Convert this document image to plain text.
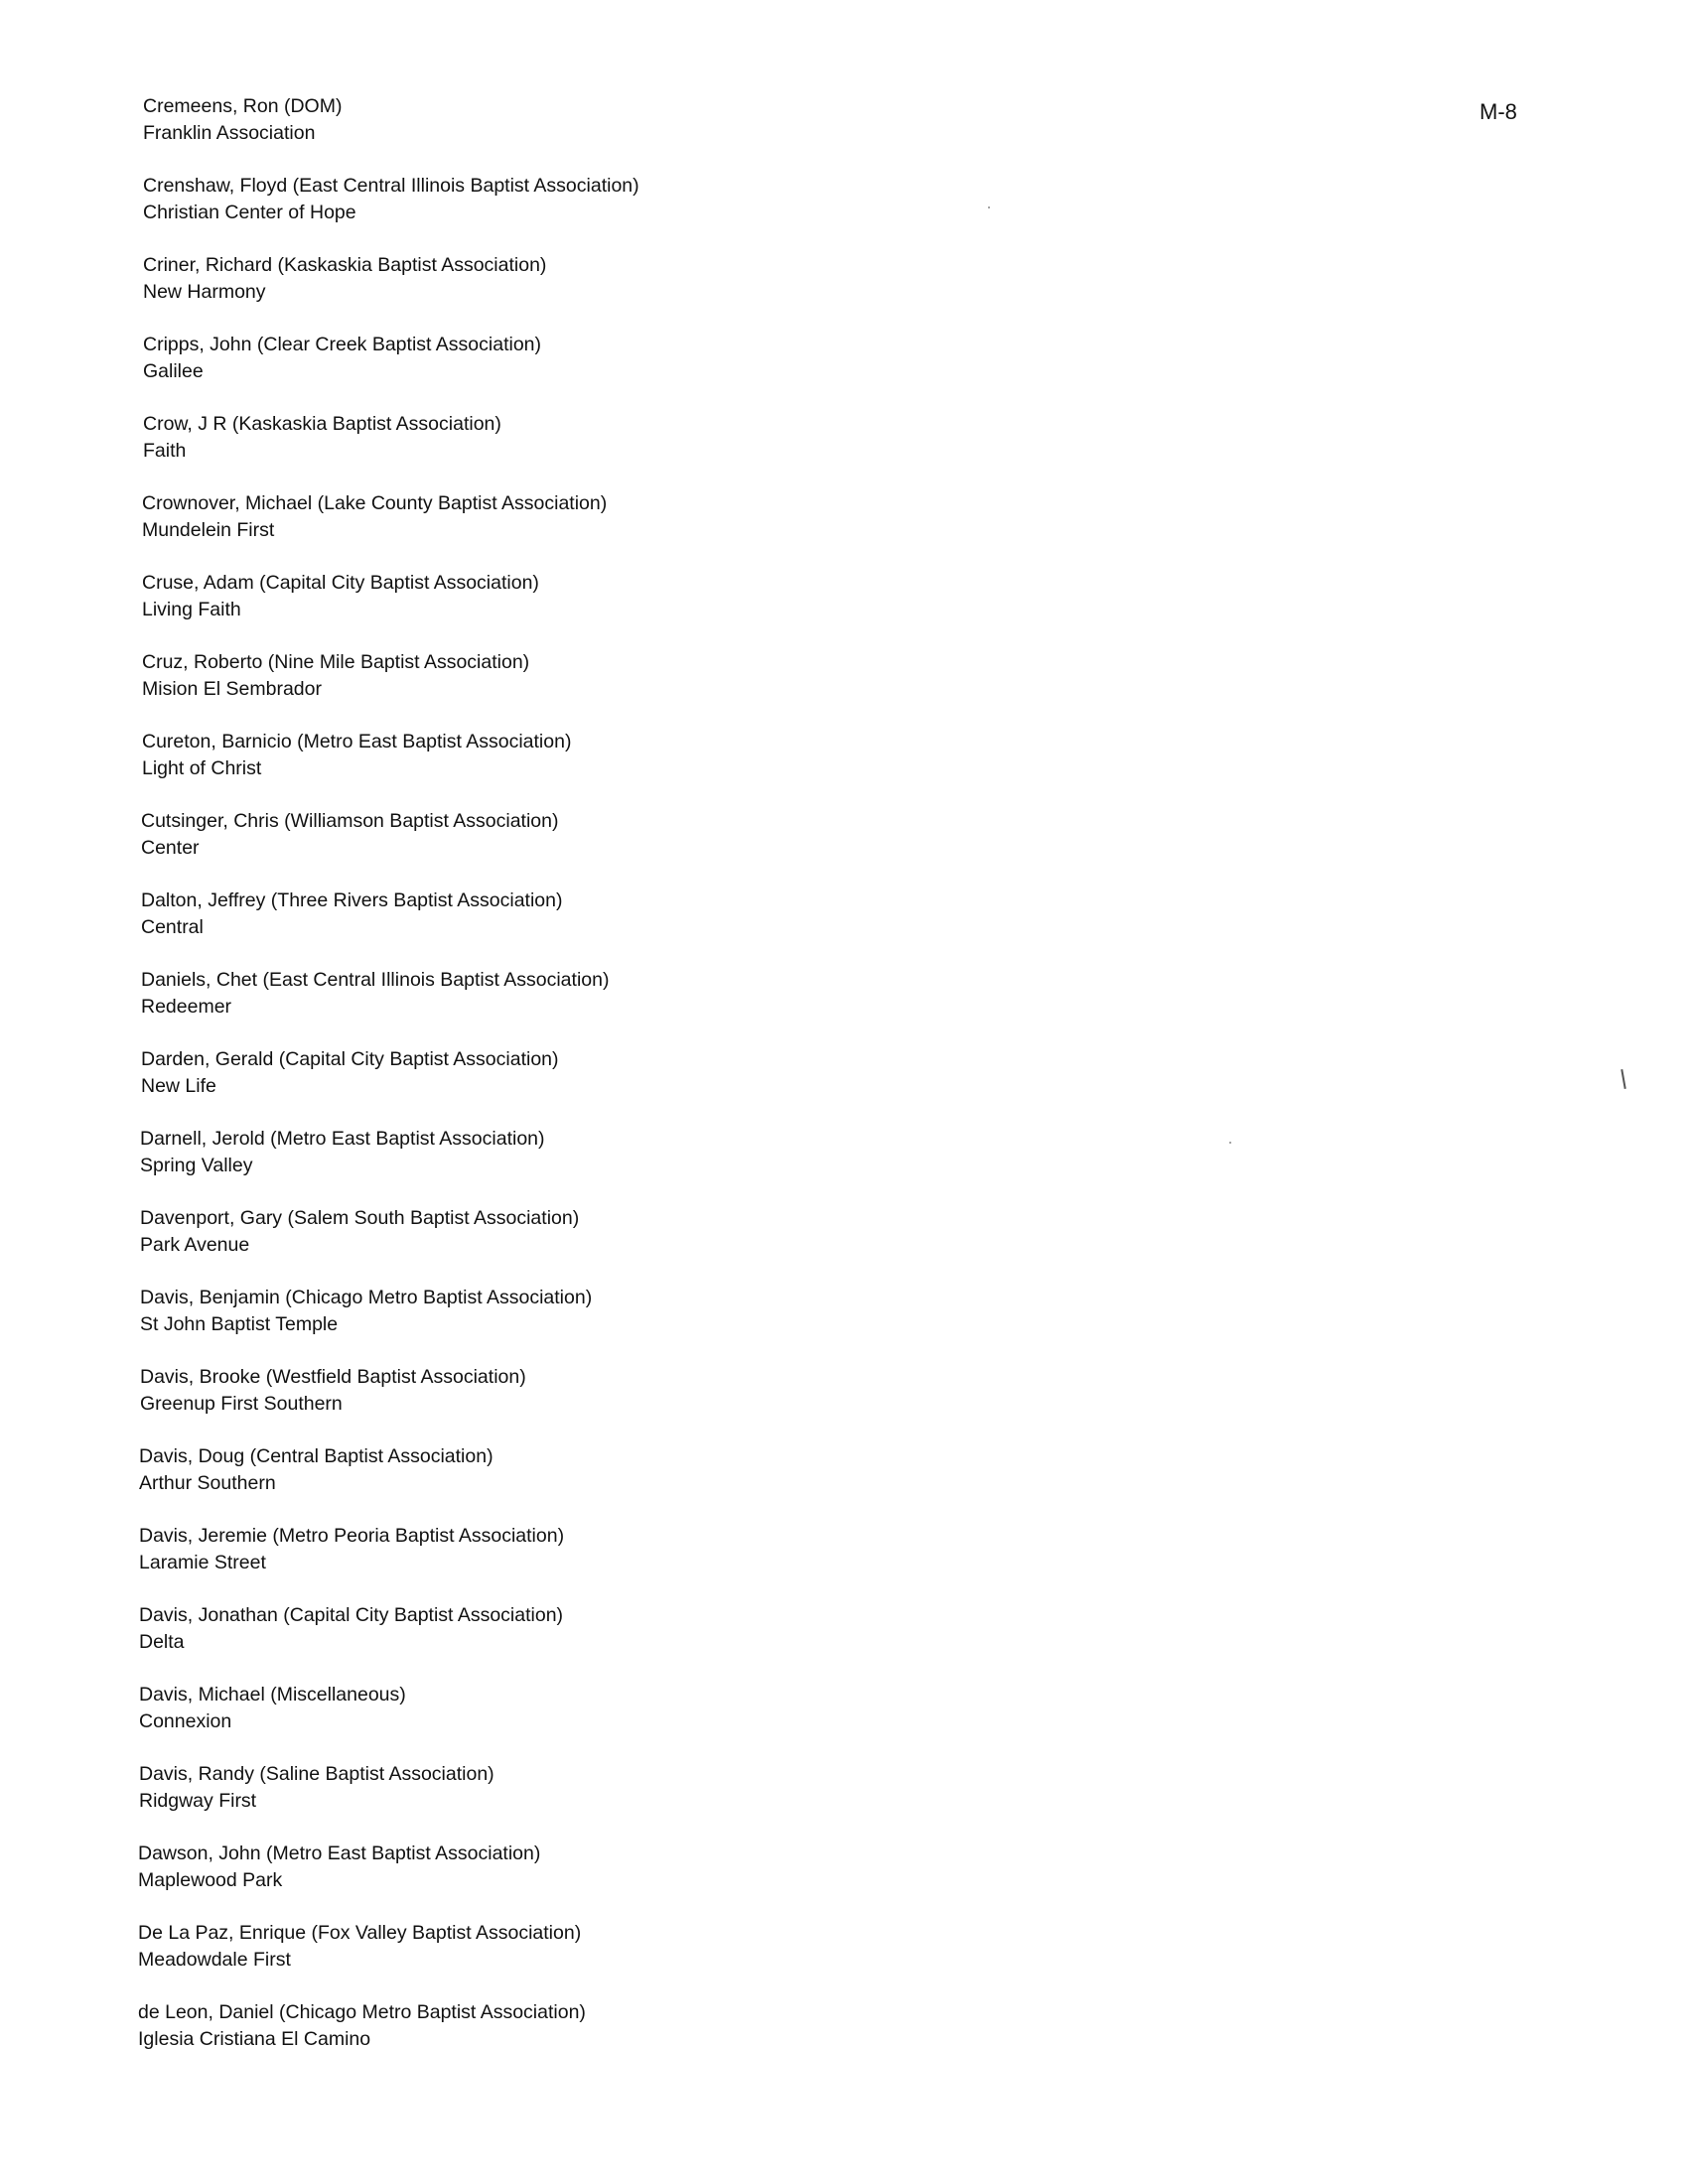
M-8
Cremeens, Ron (DOM)
Franklin Association
Crenshaw, Floyd (East Central Illinois Baptist Association)
Christian Center of Hope
Criner, Richard (Kaskaskia Baptist Association)
New Harmony
Cripps, John (Clear Creek Baptist Association)
Galilee
Crow, J R (Kaskaskia Baptist Association)
Faith
Crownover, Michael (Lake County Baptist Association)
Mundelein First
Cruse, Adam (Capital City Baptist Association)
Living Faith
Cruz, Roberto (Nine Mile Baptist Association)
Mision El Sembrador
Cureton, Barnicio (Metro East Baptist Association)
Light of Christ
Cutsinger, Chris (Williamson Baptist Association)
Center
Dalton, Jeffrey (Three Rivers Baptist Association)
Central
Daniels, Chet (East Central Illinois Baptist Association)
Redeemer
Darden, Gerald (Capital City Baptist Association)
New Life
Darnell, Jerold (Metro East Baptist Association)
Spring Valley
Davenport, Gary (Salem South Baptist Association)
Park Avenue
Davis, Benjamin (Chicago Metro Baptist Association)
St John Baptist Temple
Davis, Brooke (Westfield Baptist Association)
Greenup First Southern
Davis, Doug (Central Baptist Association)
Arthur Southern
Davis, Jeremie (Metro Peoria Baptist Association)
Laramie Street
Davis, Jonathan (Capital City Baptist Association)
Delta
Davis, Michael (Miscellaneous)
Connexion
Davis, Randy (Saline Baptist Association)
Ridgway First
Dawson, John (Metro East Baptist Association)
Maplewood Park
De La Paz, Enrique (Fox Valley Baptist Association)
Meadowdale First
de Leon, Daniel (Chicago Metro Baptist Association)
Iglesia Cristiana El Camino
